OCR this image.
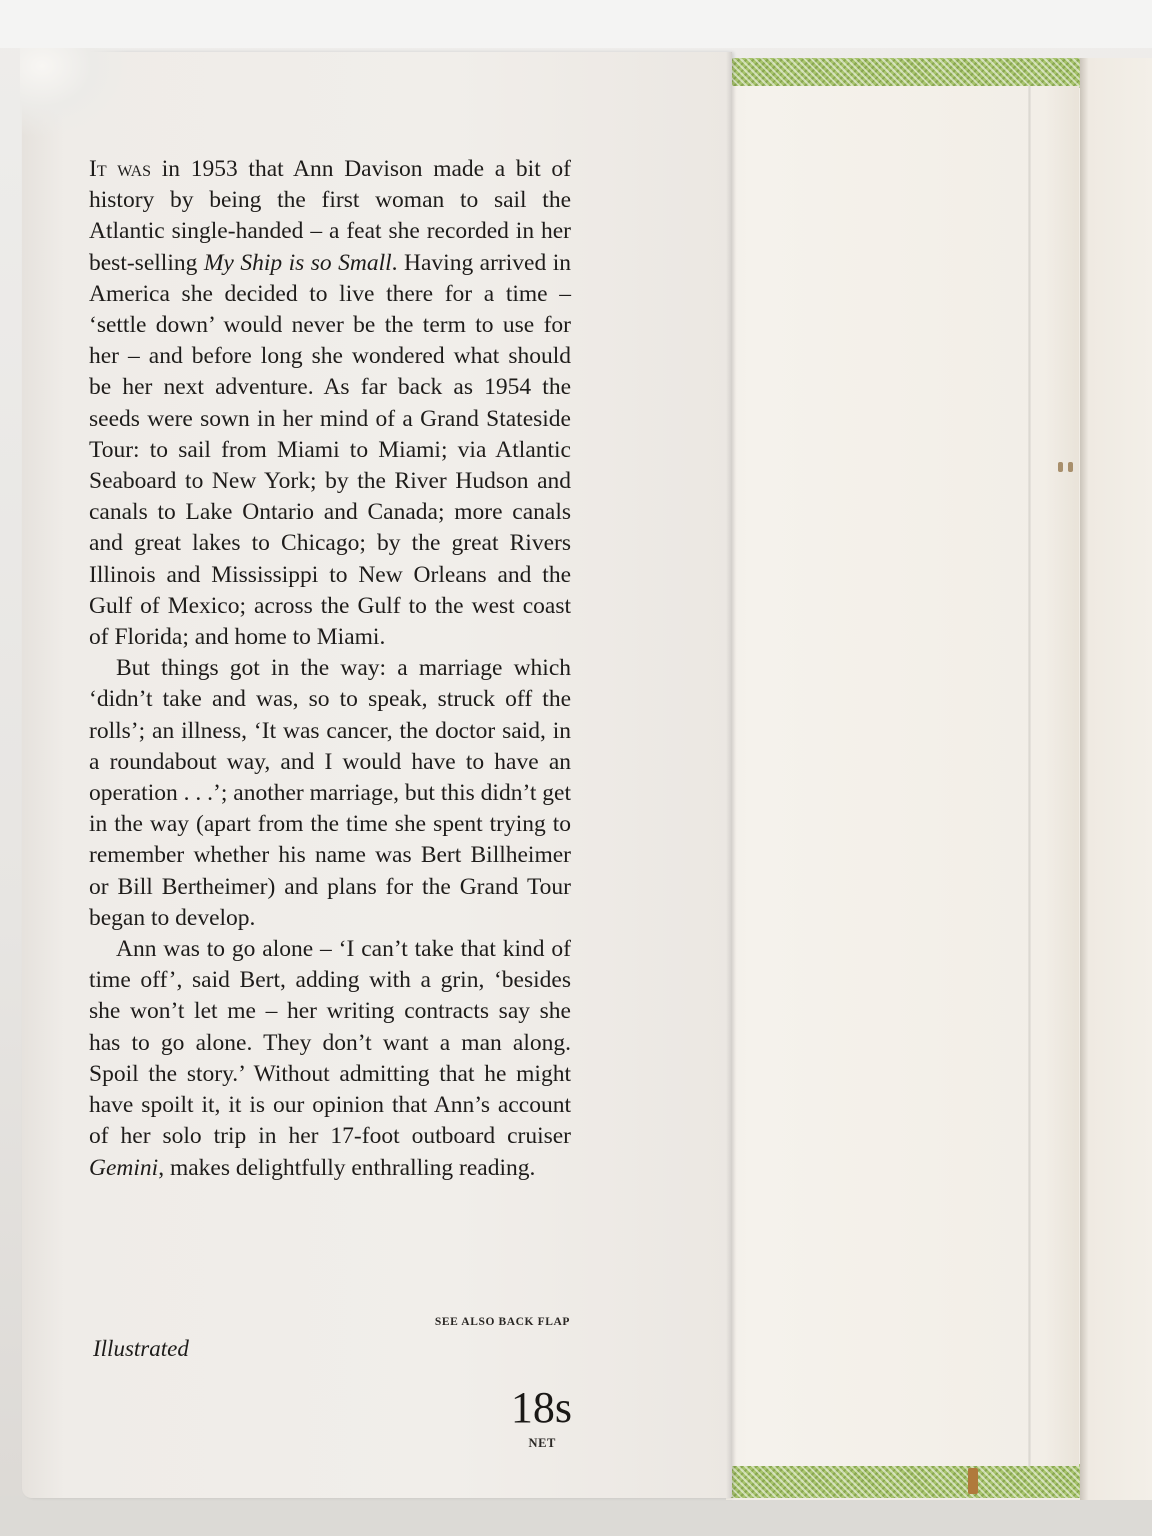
It was in 1953 that Ann Davison made a bit of history by being the first woman to sail the Atlantic single-handed – a feat she recorded in her best-selling My Ship is so Small. Having arrived in America she decided to live there for a time – ‘settle down’ would never be the term to use for her – and before long she wondered what should be her next adventure. As far back as 1954 the seeds were sown in her mind of a Grand Stateside Tour: to sail from Miami to Miami; via Atlantic Seaboard to New York; by the River Hudson and canals to Lake Ontario and Canada; more canals and great lakes to Chicago; by the great Rivers Illinois and Mississippi to New Orleans and the Gulf of Mexico; across the Gulf to the west coast of Florida; and home to Miami.

But things got in the way: a marriage which ‘didn’t take and was, so to speak, struck off the rolls’; an illness, ‘It was cancer, the doctor said, in a roundabout way, and I would have to have an operation . . .’; another marriage, but this didn’t get in the way (apart from the time she spent trying to remember whether his name was Bert Billheimer or Bill Bertheimer) and plans for the Grand Tour began to develop.

Ann was to go alone – ‘I can’t take that kind of time off’, said Bert, adding with a grin, ‘besides she won’t let me – her writing contracts say she has to go alone. They don’t want a man along. Spoil the story.’ Without admitting that he might have spoilt it, it is our opinion that Ann’s account of her solo trip in her 17-foot outboard cruiser Gemini, makes delightfully enthralling reading.

SEE ALSO BACK FLAP
Illustrated
18s
NET
